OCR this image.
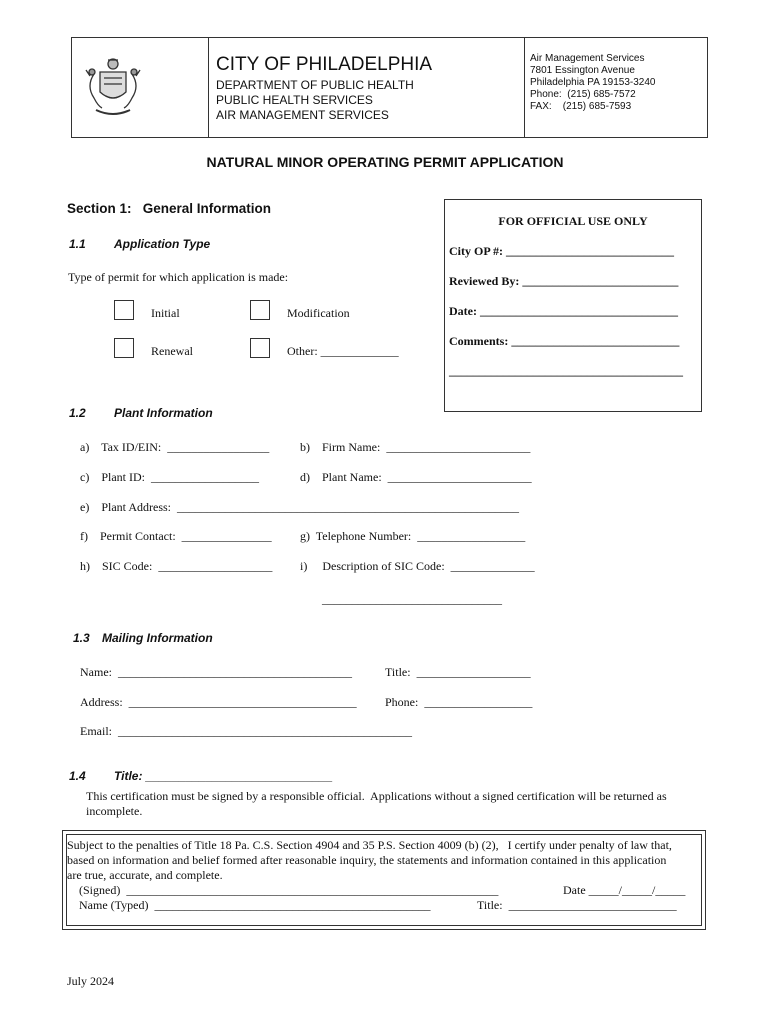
CITY OF PHILADELPHIA
DEPARTMENT OF PUBLIC HEALTH
PUBLIC HEALTH SERVICES
AIR MANAGEMENT SERVICES
Air Management Services
7801 Essington Avenue
Philadelphia PA 19153-3240
Phone:  (215) 685-7572
FAX:    (215) 685-7593
NATURAL MINOR OPERATING PERMIT APPLICATION
Section 1:   General Information
1.1 Application Type
Type of permit for which application is made:
Initial	Modification
Renewal	Other: _____________
FOR OFFICIAL USE ONLY
City OP #: ____________________________
Reviewed By: __________________________
Date: _________________________________
Comments: ____________________________
_______________________________________
1.2 Plant Information
a)    Tax ID/EIN:  _________________	b)    Firm Name:  ________________________
c)    Plant ID:  __________________	d)    Plant Name:  ________________________
e)    Plant Address:  _________________________________________________________
f)    Permit Contact:  _______________ g)  Telephone Number:  __________________
h)    SIC Code:  ___________________ i)     Description of SIC Code:  ______________
______________________________
1.3 Mailing Information
Name:  _______________________________________	Title:  ___________________
Address:  ______________________________________ Phone:  __________________
Email:  _________________________________________________
1.4 Title: ____________________________
This certification must be signed by a responsible official.  Applications without a signed certification will be returned as
incomplete.
Subject to the penalties of Title 18 Pa. C.S. Section 4904 and 35 P.S. Section 4009 (b) (2),   I certify under penalty of law that,
based on information and belief formed after reasonable inquiry, the statements and information contained in this application
are true, accurate, and complete.
(Signed)  ______________________________________________________________	Date _____/_____/_____
Name (Typed)  ______________________________________________	Title:  ____________________________
July 2024
